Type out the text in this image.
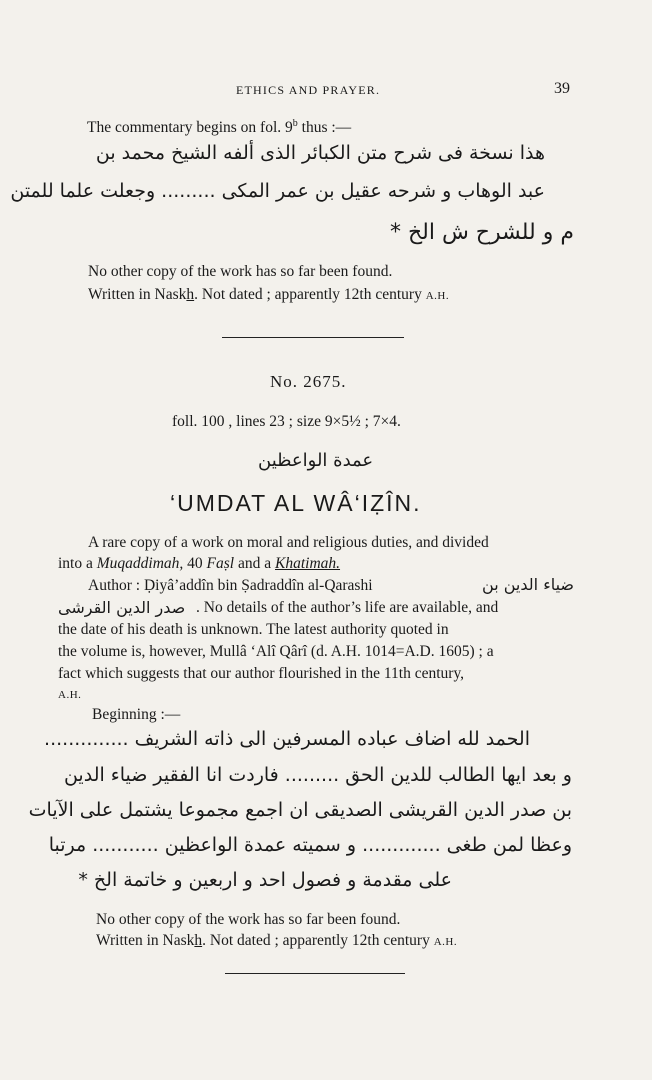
ETHICS AND PRAYER.	39
The commentary begins on fol. 9$^b$ thus :—
هذا نسخة فى شرح متن الكبائر الذى ألفه الشيخ محمد بن
عبد الوهاب و شرحه عقيل بن عمر المكى ......... وجعلت علما للمتن
م و للشرح ش الخ *
No other copy of the work has so far been found.
Written in Naskh. Not dated ; apparently 12th century A.H.
No. 2675.
foll. 100 , lines 23 ; size 9×5½ ; 7×4.
عمدة الواعظين
‘UMDAT AL WÂ‘IẒÎN.
A rare copy of a work on moral and religious duties, and divided
into a Muqaddimah, 40 Faṣl and a Khatimah.
Author : Ḍiyâ’addîn bin Ṣadraddîn al-Qarashi	ضياء الدين بن
صدر الدين القرشى . No details of the author’s life are available, and
the date of his death is unknown. The latest authority quoted in
the volume is, however, Mullâ ‘Alî Qârî (d. A.H. 1014=A.D. 1605) ; a
fact which suggests that our author flourished in the 11th century,
A.H.
Beginning :—
الحمد لله اضاف عباده المسرفين الى ذاته الشريف ..............
و بعد ايها الطالب للدين الحق ......... فاردت انا الفقير ضياء الدين
بن صدر الدين القريشى الصديقى ان اجمع مجموعا يشتمل على الآيات
وعظا لمن طغى ............. و سميته عمدة الواعظين ........... مرتبا
على مقدمة و فصول احد و اربعين و خاتمة الخ *
No other copy of the work has so far been found.
Written in Naskh. Not dated ; apparently 12th century A.H.
